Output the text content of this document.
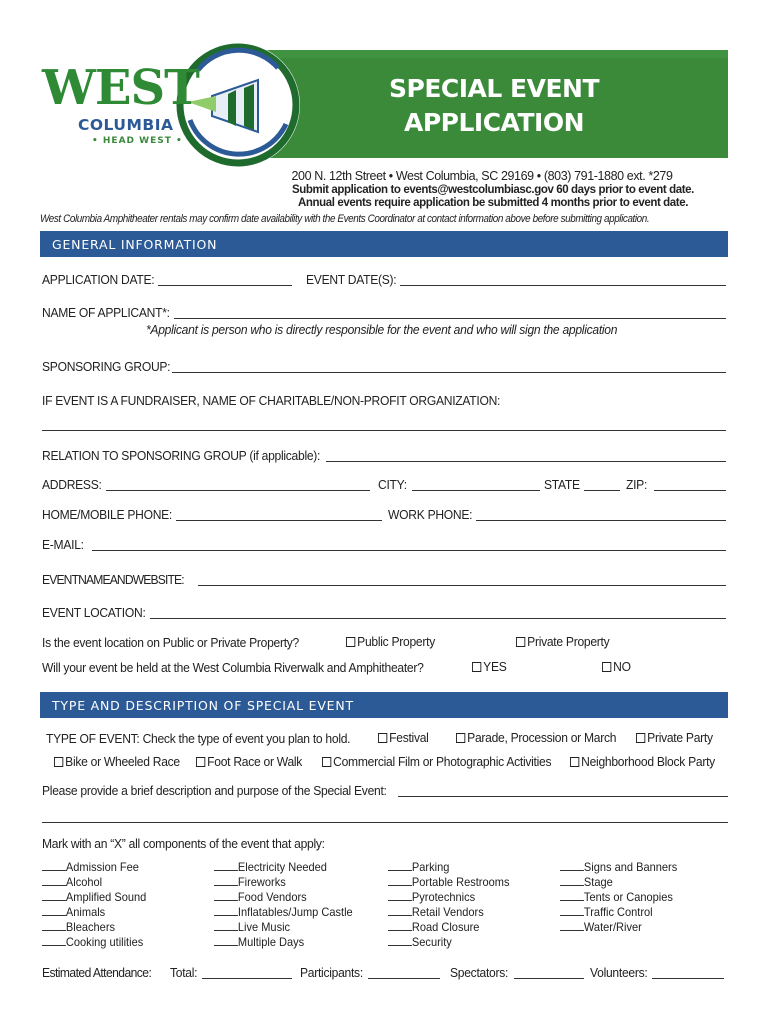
WEST
COLUMBIA
• HEAD WEST •
SPECIAL EVENT
APPLICATION
200 N. 12th Street • West Columbia, SC 29169 • (803) 791-1880 ext. *279
Submit application to events@westcolumbiasc.gov 60 days prior to event date.
Annual events require application be submitted 4 months prior to event date.
West Columbia Amphitheater rentals may confirm date availability with the Events Coordinator at contact information above before submitting application.
GENERAL INFORMATION
APPLICATION DATE:	EVENT DATE(S):
NAME OF APPLICANT*:
*Applicant is person who is directly responsible for the event and who will sign the application
SPONSORING GROUP:
IF EVENT IS A FUNDRAISER, NAME OF CHARITABLE/NON-PROFIT ORGANIZATION:
RELATION TO SPONSORING GROUP (if applicable):
ADDRESS:	CITY:	STATE	ZIP:
HOME/MOBILE PHONE:	WORK PHONE:
E-MAIL:
EVENTNAMEANDWEBSITE:
EVENT LOCATION:
Is the event location on Public or Private Property?	Public Property	Private Property
Will your event be held at the West Columbia Riverwalk and Amphitheater?	YES	NO
TYPE AND DESCRIPTION OF SPECIAL EVENT
TYPE OF EVENT: Check the type of event you plan to hold.	Festival	Parade, Procession or March	Private Party
Bike or Wheeled Race	Foot Race or Walk	Commercial Film or Photographic Activities	Neighborhood Block Party
Please provide a brief description and purpose of the Special Event:
Mark with an “X” all components of the event that apply:
Admission Fee
Alcohol
Amplified Sound
Animals
Bleachers
Cooking utilities
Electricity Needed
Fireworks
Food Vendors
Inflatables/Jump Castle
Live Music
Multiple Days
Parking
Portable Restrooms
Pyrotechnics
Retail Vendors
Road Closure
Security
Signs and Banners
Stage
Tents or Canopies
Traffic Control
Water/River
Estimated Attendance: Total:	Participants:	Spectators:	Volunteers:
